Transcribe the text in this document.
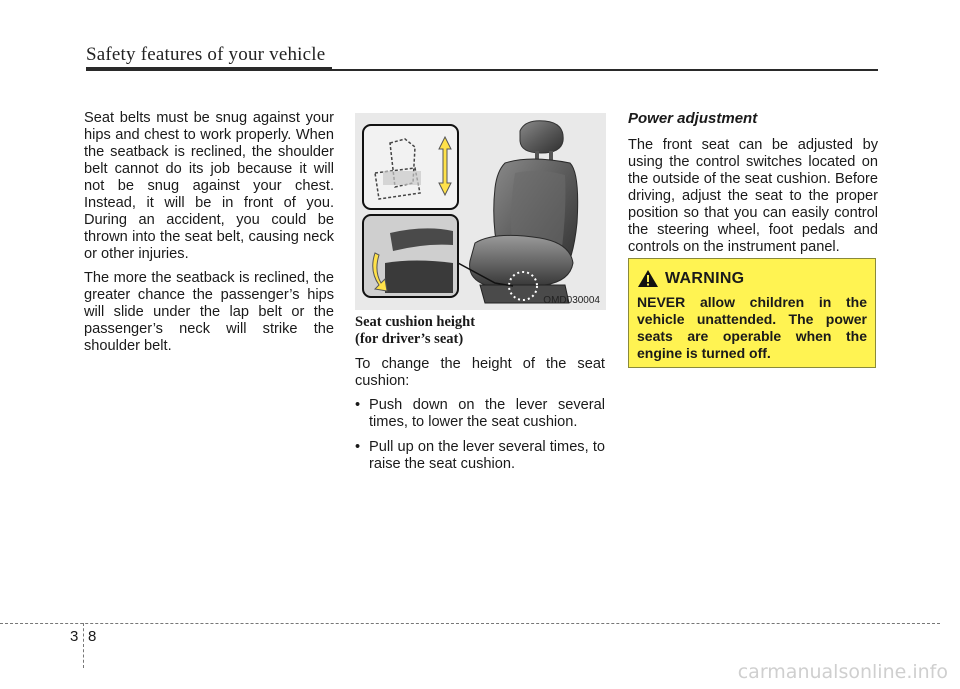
Safety features of your vehicle

Seat belts must be snug against your hips and chest to work properly. When the seatback is reclined, the shoulder belt cannot do its job because it will not be snug against your chest. Instead, it will be in front of you. During an accident, you could be thrown into the seat belt, causing neck or other injuries.

The more the seatback is reclined, the greater chance the passenger’s hips will slide under the lap belt or the passenger’s neck will strike the shoulder belt.

OMD030004
Seat cushion height
(for driver’s seat)

To change the height of the seat cushion:

• Push down on the lever several times, to lower the seat cushion.
• Pull up on the lever several times, to raise the seat cushion.
Power adjustment

The front seat can be adjusted by using the control switches located on the outside of the seat cushion. Before driving, adjust the seat to the proper position so that you can easily control the steering wheel, foot pedals and controls on the instrument panel.

WARNING
NEVER allow children in the vehicle unattended. The power seats are operable when the engine is turned off.
3 8
carmanualsonline.info
